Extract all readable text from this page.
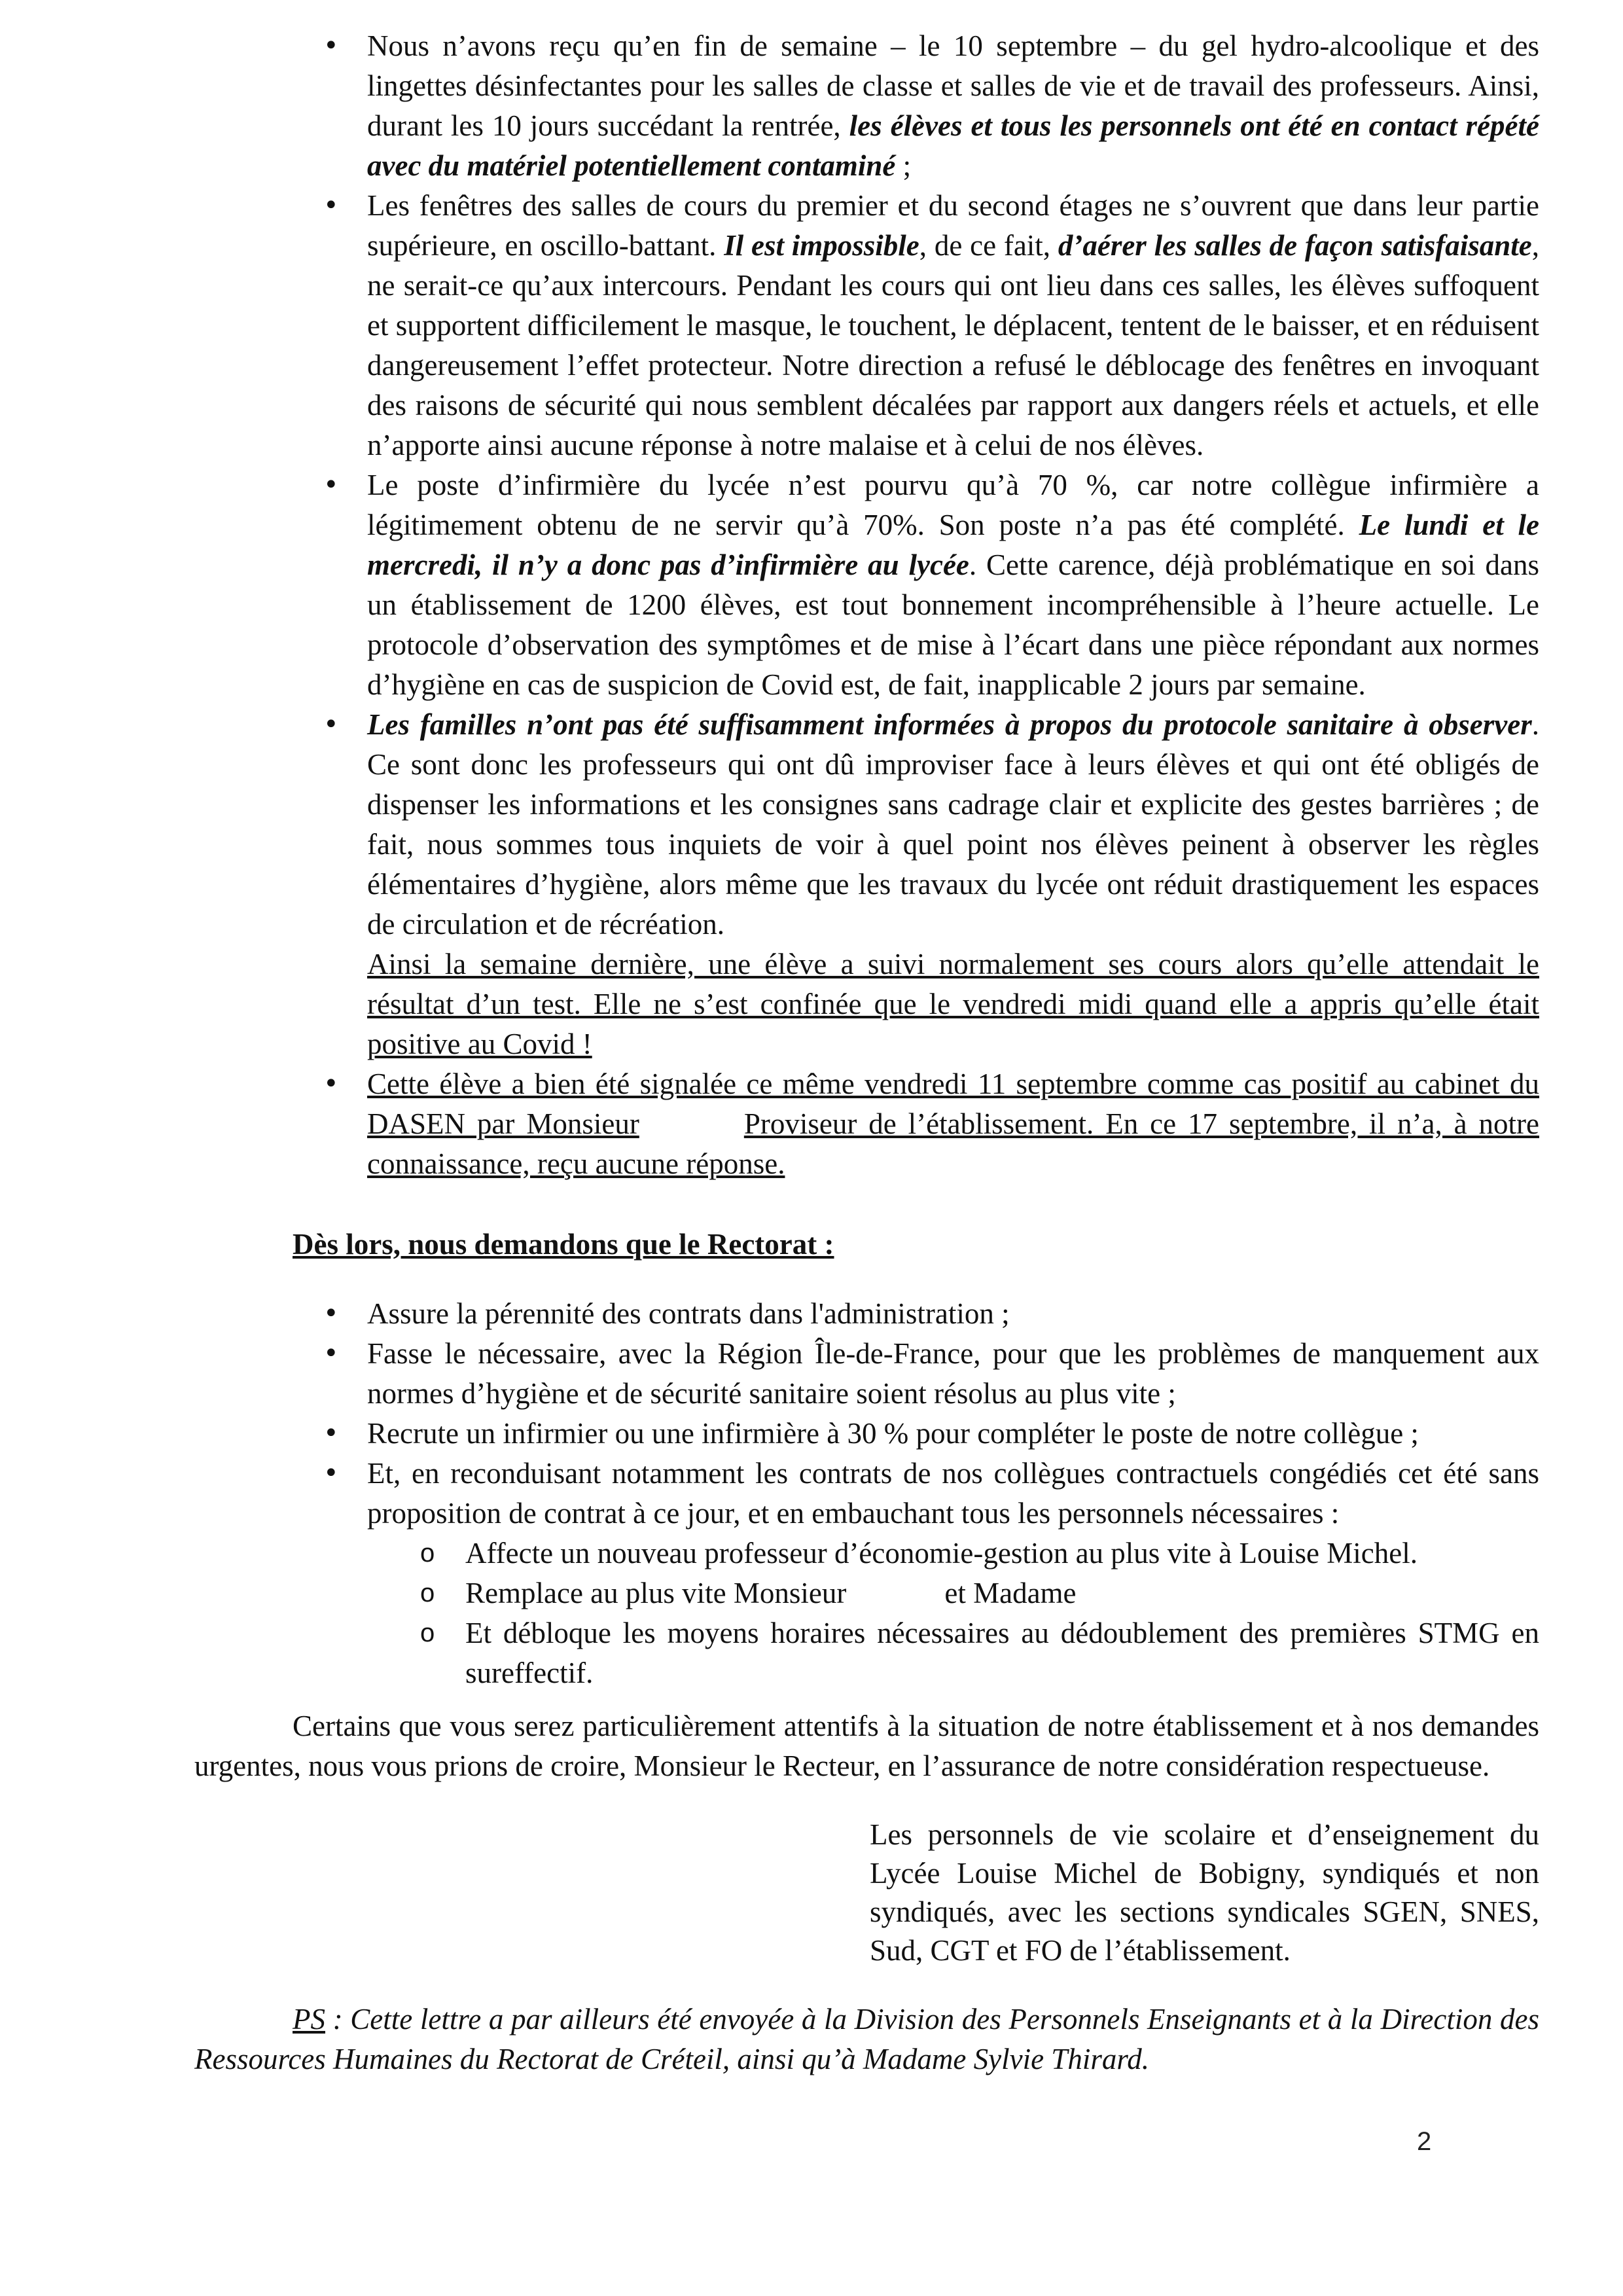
• Nous n’avons reçu qu’en fin de semaine – le 10 septembre – du gel hydro-alcoolique et des lingettes désinfectantes pour les salles de classe et salles de vie et de travail des professeurs. Ainsi, durant les 10 jours succédant la rentrée, les élèves et tous les personnels ont été en contact répété avec du matériel potentiellement contaminé ;
• Les fenêtres des salles de cours du premier et du second étages ne s’ouvrent que dans leur partie supérieure, en oscillo-battant. Il est impossible, de ce fait, d’aérer les salles de façon satisfaisante, ne serait-ce qu’aux intercours. Pendant les cours qui ont lieu dans ces salles, les élèves suffoquent et supportent difficilement le masque, le touchent, le déplacent, tentent de le baisser, et en réduisent dangereusement l’effet protecteur. Notre direction a refusé le déblocage des fenêtres en invoquant des raisons de sécurité qui nous semblent décalées par rapport aux dangers réels et actuels, et elle n’apporte ainsi aucune réponse à notre malaise et à celui de nos élèves.
• Le poste d’infirmière du lycée n’est pourvu qu’à 70 %, car notre collègue infirmière a légitimement obtenu de ne servir qu’à 70%. Son poste n’a pas été complété. Le lundi et le mercredi, il n’y a donc pas d’infirmière au lycée. Cette carence, déjà problématique en soi dans un établissement de 1200 élèves, est tout bonnement incompréhensible à l’heure actuelle. Le protocole d’observation des symptômes et de mise à l’écart dans une pièce répondant aux normes d’hygiène en cas de suspicion de Covid est, de fait, inapplicable 2 jours par semaine.
• Les familles n’ont pas été suffisamment informées à propos du protocole sanitaire à observer. Ce sont donc les professeurs qui ont dû improviser face à leurs élèves et qui ont été obligés de dispenser les informations et les consignes sans cadrage clair et explicite des gestes barrières ; de fait, nous sommes tous inquiets de voir à quel point nos élèves peinent à observer les règles élémentaires d’hygiène, alors même que les travaux du lycée ont réduit drastiquement les espaces de circulation et de récréation.
Ainsi la semaine dernière, une élève a suivi normalement ses cours alors qu’elle attendait le résultat d’un test. Elle ne s’est confinée que le vendredi midi quand elle a appris qu’elle était positive au Covid !
• Cette élève a bien été signalée ce même vendredi 11 septembre comme cas positif au cabinet du DASEN par Monsieur	Proviseur de l’établissement. En ce 17 septembre, il n’a, à notre connaissance, reçu aucune réponse.

Dès lors, nous demandons que le Rectorat :

• Assure la pérennité des contrats dans l'administration ;
• Fasse le nécessaire, avec la Région Île-de-France, pour que les problèmes de manquement aux normes d’hygiène et de sécurité sanitaire soient résolus au plus vite ;
• Recrute un infirmier ou une infirmière à 30 % pour compléter le poste de notre collègue ;
• Et, en reconduisant notamment les contrats de nos collègues contractuels congédiés cet été sans proposition de contrat à ce jour, et en embauchant tous les personnels nécessaires :
o Affecte un nouveau professeur d’économie-gestion au plus vite à Louise Michel.
o Remplace au plus vite Monsieur	et Madame
o Et débloque les moyens horaires nécessaires au dédoublement des premières STMG en sureffectif.

Certains que vous serez particulièrement attentifs à la situation de notre établissement et à nos demandes urgentes, nous vous prions de croire, Monsieur le Recteur, en l’assurance de notre considération respectueuse.

Les personnels de vie scolaire et d’enseignement du Lycée Louise Michel de Bobigny, syndiqués et non syndiqués, avec les sections syndicales SGEN, SNES, Sud, CGT et FO de l’établissement.

PS : Cette lettre a par ailleurs été envoyée à la Division des Personnels Enseignants et à la Direction des Ressources Humaines du Rectorat de Créteil, ainsi qu’à Madame Sylvie Thirard.

2
